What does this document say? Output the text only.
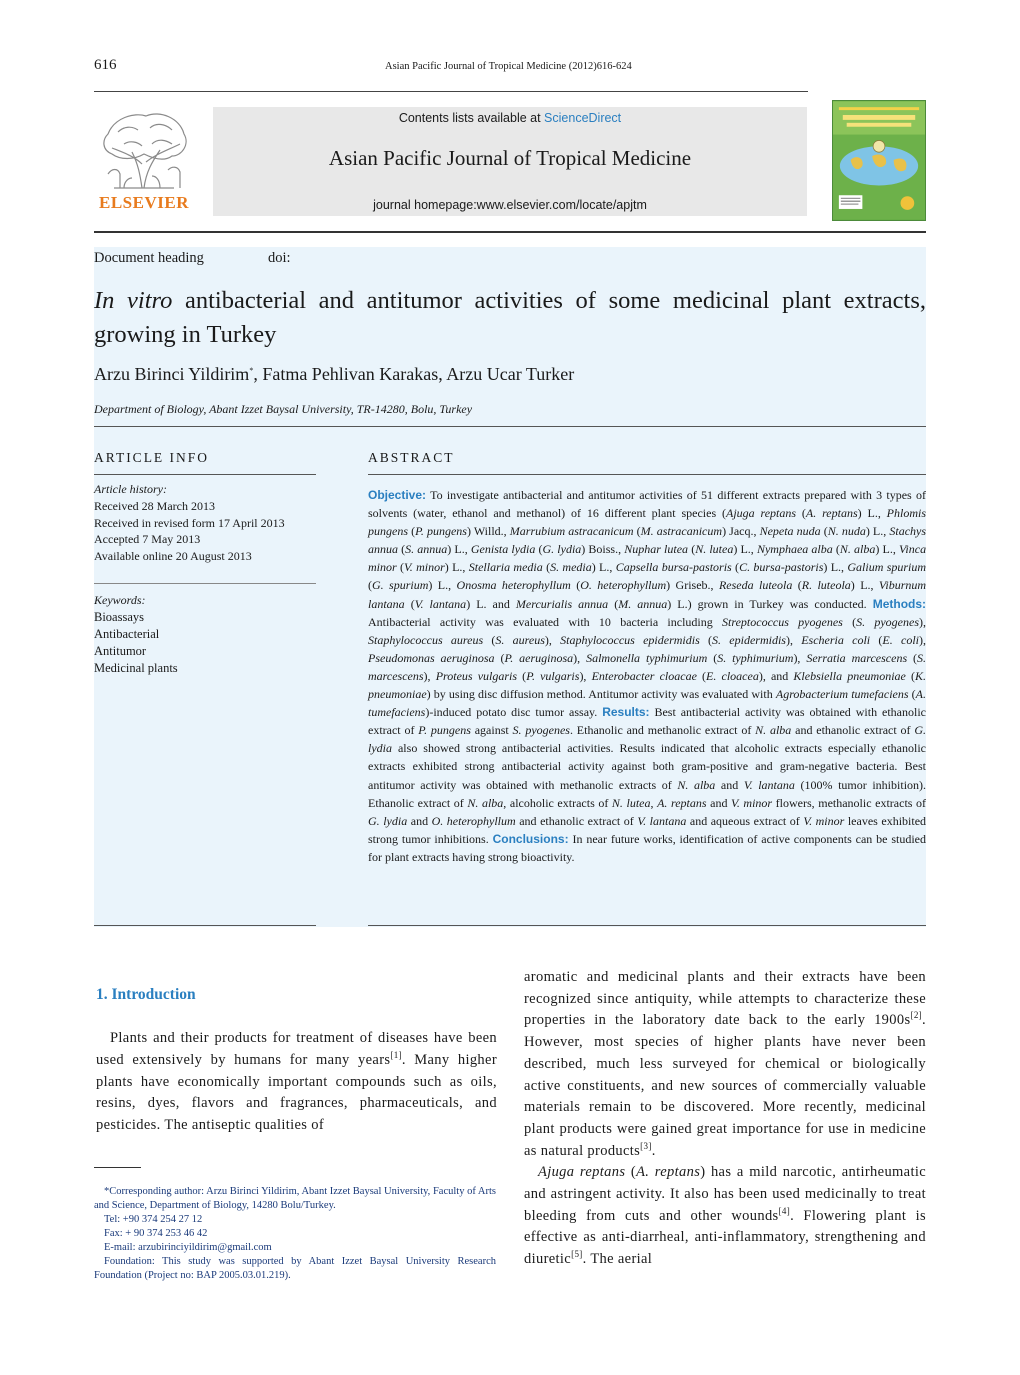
616	Asian Pacific Journal of Tropical Medicine (2012)616-624
ELSEVIER
Contents lists available at ScienceDirect
Asian Pacific Journal of Tropical Medicine
journal homepage:www.elsevier.com/locate/apjtm
Document heading	doi:
In vitro antibacterial and antitumor activities of some medicinal plant extracts, growing in Turkey
Arzu Birinci Yildirim*, Fatma Pehlivan Karakas, Arzu Ucar Turker
Department of Biology, Abant Izzet Baysal University, TR-14280, Bolu, Turkey
ARTICLE INFO
Article history:
Received 28 March 2013
Received in revised form 17 April 2013
Accepted 7 May 2013
Available online 20 August 2013
Keywords:
Bioassays
Antibacterial
Antitumor
Medicinal plants
ABSTRACT
Objective: To investigate antibacterial and antitumor activities of 51 different extracts prepared with 3 types of solvents (water, ethanol and methanol) of 16 different plant species (Ajuga reptans (A. reptans) L., Phlomis pungens (P. pungens) Willd., Marrubium astracanicum (M. astracanicum) Jacq., Nepeta nuda (N. nuda) L., Stachys annua (S. annua) L., Genista lydia (G. lydia) Boiss., Nuphar lutea (N. lutea) L., Nymphaea alba (N. alba) L., Vinca minor (V. minor) L., Stellaria media (S. media) L., Capsella bursa-pastoris (C. bursa-pastoris) L., Galium spurium (G. spurium) L., Onosma heterophyllum (O. heterophyllum) Griseb., Reseda luteola (R. luteola) L., Viburnum lantana (V. lantana) L. and Mercurialis annua (M. annua) L.) grown in Turkey was conducted. Methods: Antibacterial activity was evaluated with 10 bacteria including Streptococcus pyogenes (S. pyogenes), Staphylococcus aureus (S. aureus), Staphylococcus epidermidis (S. epidermidis), Escheria coli (E. coli), Pseudomonas aeruginosa (P. aeruginosa), Salmonella typhimurium (S. typhimurium), Serratia marcescens (S. marcescens), Proteus vulgaris (P. vulgaris), Enterobacter cloacae (E. cloacea), and Klebsiella pneumoniae (K. pneumoniae) by using disc diffusion method. Antitumor activity was evaluated with Agrobacterium tumefaciens (A. tumefaciens)-induced potato disc tumor assay. Results: Best antibacterial activity was obtained with ethanolic extract of P. pungens against S. pyogenes. Ethanolic and methanolic extract of N. alba and ethanolic extract of G. lydia also showed strong antibacterial activities. Results indicated that alcoholic extracts especially ethanolic extracts exhibited strong antibacterial activity against both gram-positive and gram-negative bacteria. Best antitumor activity was obtained with methanolic extracts of N. alba and V. lantana (100% tumor inhibition). Ethanolic extract of N. alba, alcoholic extracts of N. lutea, A. reptans and V. minor flowers, methanolic extracts of G. lydia and O. heterophyllum and ethanolic extract of V. lantana and aqueous extract of V. minor leaves exhibited strong tumor inhibitions. Conclusions: In near future works, identification of active components can be studied for plant extracts having strong bioactivity.
1. Introduction

Plants and their products for treatment of diseases have been used extensively by humans for many years[1]. Many higher plants have economically important compounds such as oils, resins, dyes, flavors and fragrances, pharmaceuticals, and pesticides. The antiseptic qualities of

aromatic and medicinal plants and their extracts have been recognized since antiquity, while attempts to characterize these properties in the laboratory date back to the early 1900s[2]. However, most species of higher plants have never been described, much less surveyed for chemical or biologically active constituents, and new sources of commercially valuable materials remain to be discovered. More recently, medicinal plant products were gained great importance for use in medicine as natural products[3].

Ajuga reptans (A. reptans) has a mild narcotic, antirheumatic and astringent activity. It also has been used medicinally to treat bleeding from cuts and other wounds[4]. Flowering plant is effective as anti-diarrheal, anti-inflammatory, strengthening and diuretic[5]. The aerial

*Corresponding author: Arzu Birinci Yildirim, Abant Izzet Baysal University, Faculty of Arts and Science, Department of Biology, 14280 Bolu/Turkey.
Tel: +90 374 254 27 12
Fax: + 90 374 253 46 42
E-mail: arzubirinciyildirim@gmail.com
Foundation: This study was supported by Abant Izzet Baysal University Research Foundation (Project no: BAP 2005.03.01.219).
